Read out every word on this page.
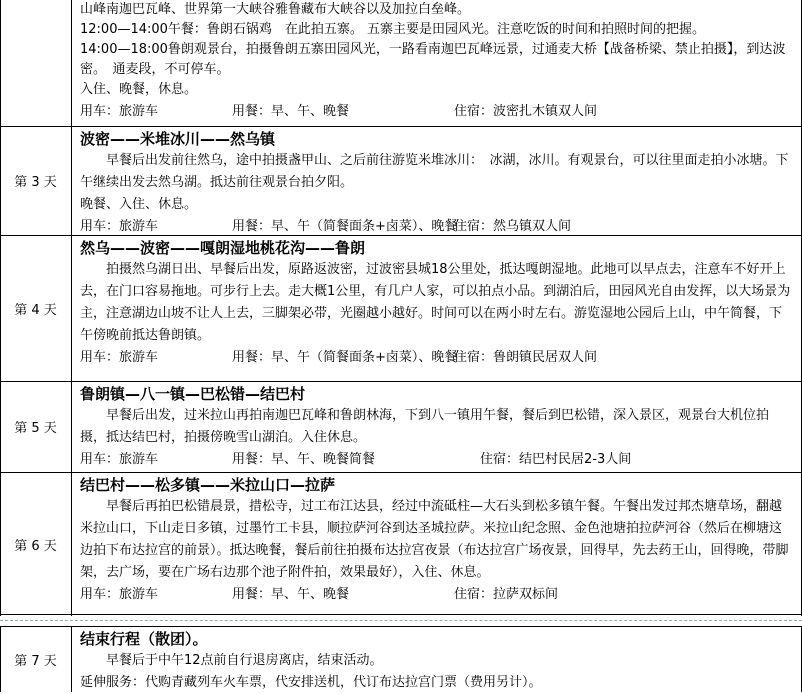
山峰南迦巴瓦峰、世界第一大峡谷雅鲁藏布大峡谷以及加拉白垒峰。
12:00—14:00午餐：鲁朗石锅鸡　在此拍五寨。 五寨主要是田园风光。注意吃饭的时间和拍照时间的把握。
14:00—18:00鲁朗观景台，拍摄鲁朗五寨田园风光，一路看南迦巴瓦峰远景，过通麦大桥【战备桥梁、禁止拍摄】，到达波密。　通麦段，不可停车。
入住、晚餐，休息。
用车：旅游车	用餐：早、午、晚餐	住宿：波密扎木镇双人间
第 3 天
波密——米堆冰川——然乌镇
早餐后出发前往然乌，途中拍摄盏甲山、之后前往游览米堆冰川：　冰湖，冰川。有观景台，可以往里面走拍小冰塘。下午继续出发去然乌湖。抵达前往观景台拍夕阳。
晚餐、入住、休息。
用车：旅游车	用餐：早、午（简餐面条+卤菜）、晚餐
住宿：然乌镇双人间
第 4 天
然乌——波密——嘎朗湿地桃花沟——鲁朗
拍摄然乌湖日出、早餐后出发，原路返波密，过波密县城18公里处，抵达嘎朗湿地。此地可以早点去，注意车不好开上去，在门口容易拖地。可步行上去。走大概1公里，有几户人家，可以拍点小品。到湖泊后，田园风光自由发挥，以大场景为主，注意湖边山坡不让人上去，三脚架必带，光圈越小越好。时间可以在两小时左右。游览湿地公园后上山，中午简餐，下午傍晚前抵达鲁朗镇。
用车：旅游车	用餐：早、午（简餐面条+卤菜）、晚餐
住宿：鲁朗镇民居双人间
第 5 天
鲁朗镇—八一镇—巴松错—结巴村
早餐后出发，过米拉山再拍南迦巴瓦峰和鲁朗林海，下到八一镇用午餐，餐后到巴松错，深入景区，观景台大机位拍摄，抵达结巴村，拍摄傍晚雪山湖泊。入住休息。
用车：旅游车	用餐：早、午、晚餐简餐	住宿：结巴村民居2-3人间
第 6 天
结巴村——松多镇——米拉山口—拉萨
早餐后再拍巴松错晨景，措松寺，过工布江达县，经过中流砥柱—大石头到松多镇午餐。午餐出发过邦杰塘草场，翻越米拉山口，下山走日多镇，过墨竹工卡县，顺拉萨河谷到达圣城拉萨。米拉山纪念照、金色池塘拍拉萨河谷（然后在柳塘这边拍下布达拉宫的前景）。抵达晚餐，餐后前往拍摄布达拉宫夜景（布达拉宫广场夜景，回得早，先去药王山，回得晚，带脚架，去广场，要在广场右边那个池子附件拍，效果最好），入住、休息。
用车：旅游车	用餐：早、午、晚餐	住宿：拉萨双标间
第 7 天
结束行程（散团）。
早餐后于中午12点前自行退房离店，结束活动。
延伸服务：代购青藏列车火车票，代安排送机，代订布达拉宫门票（费用另计）。
